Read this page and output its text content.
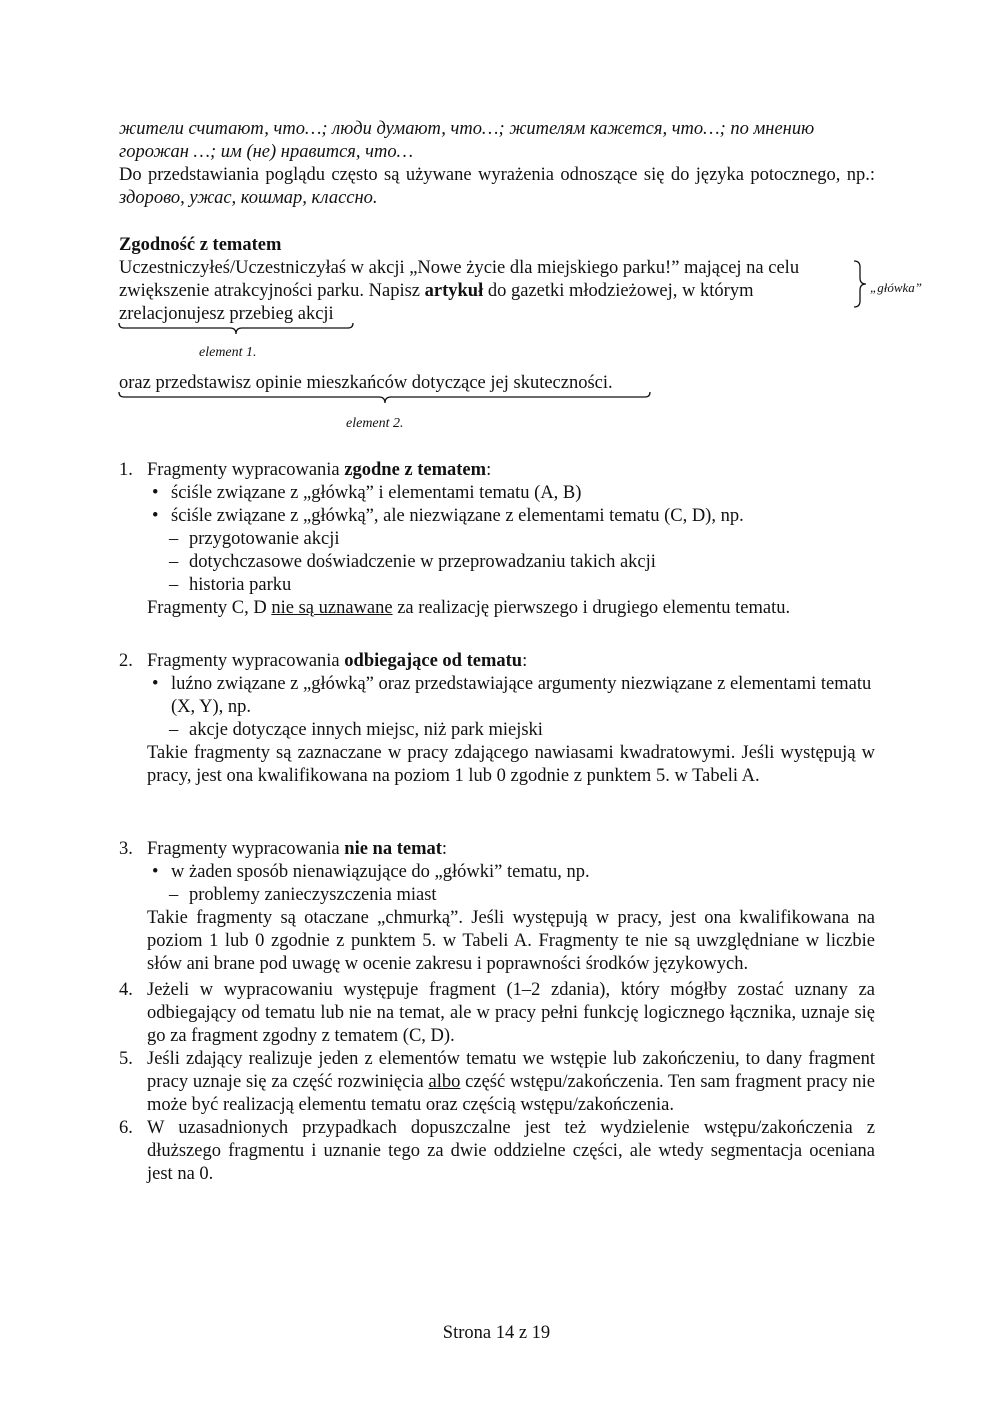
жители считают, что…; люди думают, что…; жителям кажется, что…; по мнению

горожан …; им (не) нравится, что…

Do przedstawiania poglądu często są używane wyrażenia odnoszące się do języka potocznego, np.: здорово, ужас, кошмар, классно.

Zgodność z tematem
Uczestniczyłeś/Uczestniczyłaś w akcji „Nowe życie dla miejskiego parku!” mającej na celu
zwiększenie atrakcyjności parku. Napisz artykuł do gazetki młodzieżowej, w którym
zrelacjonujesz przebieg akcji
oraz przedstawisz opinie mieszkańców dotyczące jej skuteczności.
„główka”
element 1.
element 2.
1. Fragmenty wypracowania zgodne z tematem:

• ściśle związane z „główką” i elementami tematu (A, B)
• ściśle związane z „główką”, ale niezwiązane z elementami tematu (C, D), np.
– przygotowanie akcji
– dotychczasowe doświadczenie w przeprowadzaniu takich akcji
– historia parku

Fragmenty C, D nie są uznawane za realizację pierwszego i drugiego elementu tematu.

2. Fragmenty wypracowania odbiegające od tematu:

• luźno związane z „główką” oraz przedstawiające argumenty niezwiązane z elementami tematu (X, Y), np.
– akcje dotyczące innych miejsc, niż park miejski

Takie fragmenty są zaznaczane w pracy zdającego nawiasami kwadratowymi. Jeśli występują w pracy, jest ona kwalifikowana na poziom 1 lub 0 zgodnie z punktem 5. w Tabeli A.

3. Fragmenty wypracowania nie na temat:

• w żaden sposób nienawiązujące do „główki” tematu, np.
– problemy zanieczyszczenia miast

Takie fragmenty są otaczane „chmurką”. Jeśli występują w pracy, jest ona kwalifikowana na poziom 1 lub 0 zgodnie z punktem 5. w Tabeli A. Fragmenty te nie są uwzględniane w liczbie słów ani brane pod uwagę w ocenie zakresu i poprawności środków językowych.

4. Jeżeli w wypracowaniu występuje fragment (1–2 zdania), który mógłby zostać uznany za odbiegający od tematu lub nie na temat, ale w pracy pełni funkcję logicznego łącznika, uznaje się go za fragment zgodny z tematem (C, D).

5. Jeśli zdający realizuje jeden z elementów tematu we wstępie lub zakończeniu, to dany fragment pracy uznaje się za część rozwinięcia albo część wstępu/zakończenia. Ten sam fragment pracy nie może być realizacją elementu tematu oraz częścią wstępu/zakończenia.

6. W uzasadnionych przypadkach dopuszczalne jest też wydzielenie wstępu/zakończenia z dłuższego fragmentu i uznanie tego za dwie oddzielne części, ale wtedy segmentacja oceniana jest na 0.

Strona 14 z 19
